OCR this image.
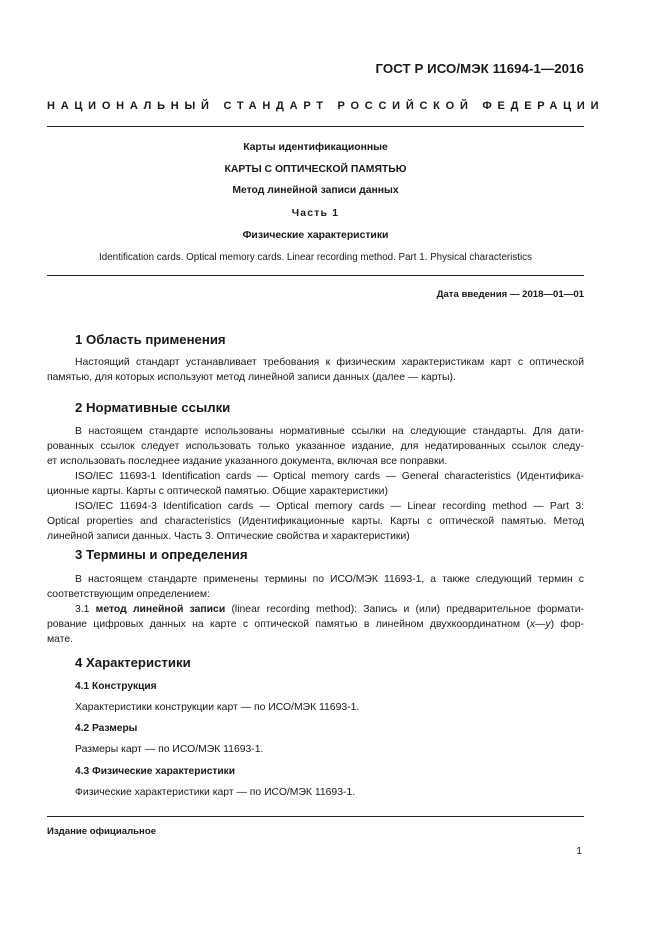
ГОСТ Р ИСО/МЭК 11694-1—2016
НАЦИОНАЛЬНЫЙ СТАНДАРТ РОССИЙСКОЙ ФЕДЕРАЦИИ
Карты идентификационные
КАРТЫ С ОПТИЧЕСКОЙ ПАМЯТЬЮ
Метод линейной записи данных
Часть 1
Физические характеристики
Identification cards. Optical memory cards. Linear recording method. Part 1. Physical characteristics
Дата введения — 2018—01—01
1 Область применения
Настоящий стандарт устанавливает требования к физическим характеристикам карт с оптической
памятью, для которых используют метод линейной записи данных (далее — карты).
2 Нормативные ссылки
В настоящем стандарте использованы нормативные ссылки на следующие стандарты. Для дати-
рованных ссылок следует использовать только указанное издание, для недатированных ссылок следу-
ет использовать последнее издание указанного документа, включая все поправки.
ISO/IEC 11693-1 Identification cards — Optical memory cards — General characteristics (Идентифика-
ционные карты. Карты с оптической памятью. Общие характеристики)
ISO/IEC 11694-3 Identification cards — Optical memory cards — Linear recording method — Part 3:
Optical properties and characteristics (Идентификационные карты. Карты с оптической памятью. Метод
линейной записи данных. Часть 3. Оптические свойства и характеристики)
3 Термины и определения
В настоящем стандарте применены термины по ИСО/МЭК 11693-1, а также следующий термин с
соответствующим определением:
3.1 метод линейной записи (linear recording method): Запись и (или) предварительное формати-
рование цифровых данных на карте с оптической памятью в линейном двухкоординатном (x—y) фор-
мате.
4 Характеристики
4.1 Конструкция
Характеристики конструкции карт — по ИСО/МЭК 11693-1.
4.2 Размеры
Размеры карт — по ИСО/МЭК 11693-1.
4.3 Физические характеристики
Физические характеристики карт — по ИСО/МЭК 11693-1.
Издание официальное
1
